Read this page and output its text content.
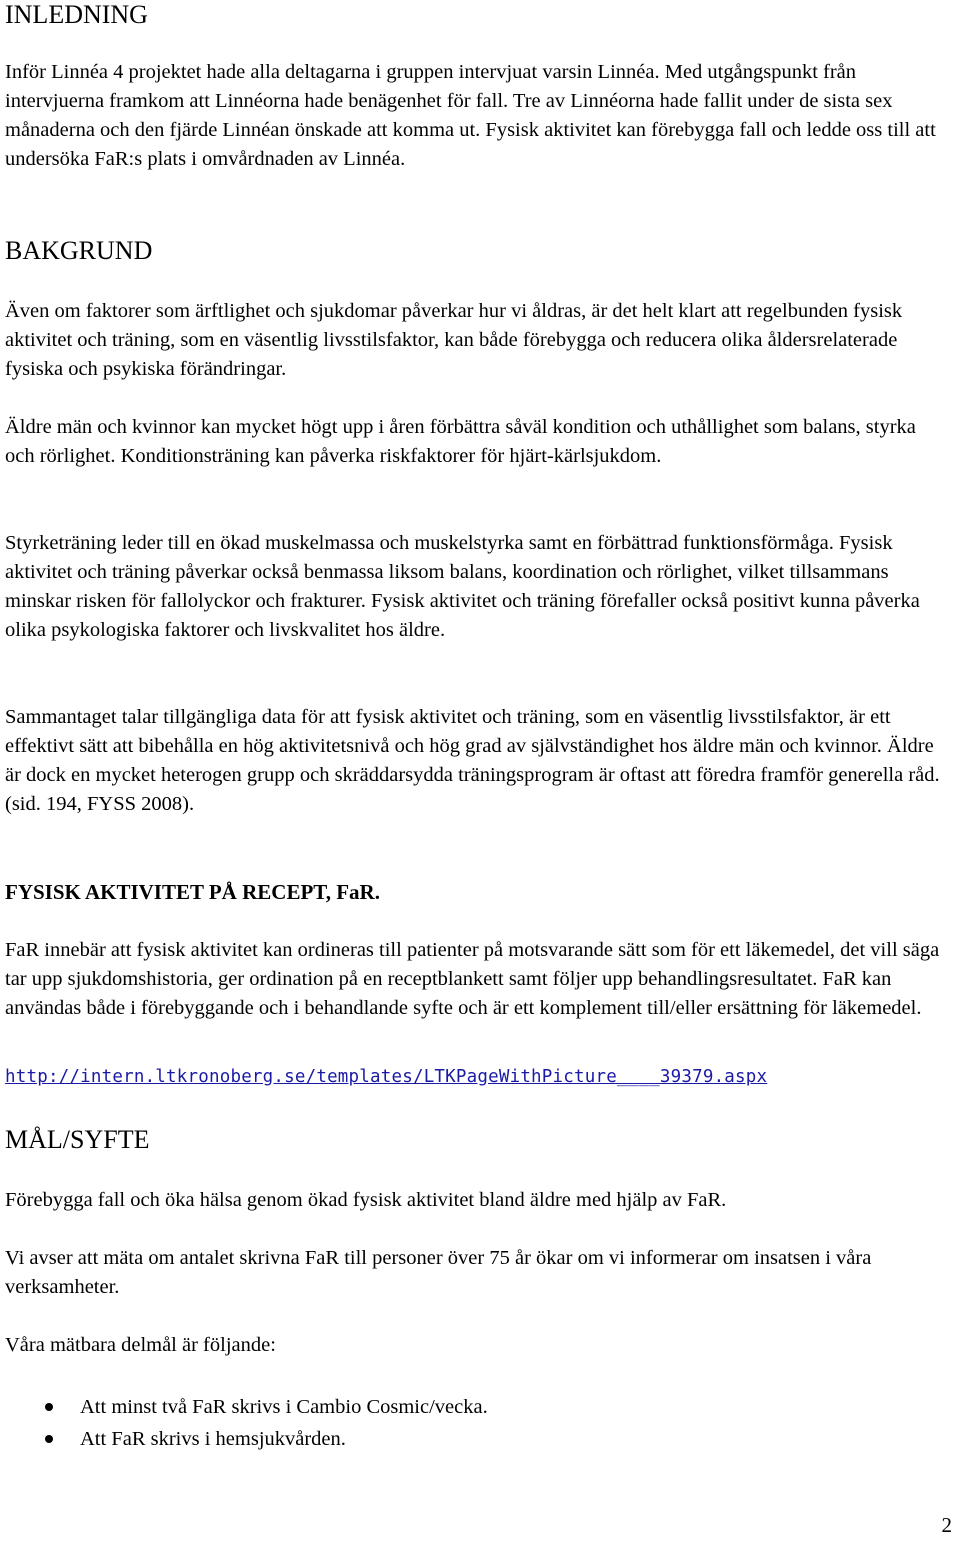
INLEDNING

Inför Linnéa 4 projektet hade alla deltagarna i gruppen intervjuat varsin Linnéa. Med utgångspunkt från intervjuerna framkom att Linnéorna hade benägenhet för fall. Tre av Linnéorna hade fallit under de sista sex månaderna och den fjärde Linnéan önskade att komma ut. Fysisk aktivitet kan förebygga fall och ledde oss till att undersöka FaR:s plats i omvårdnaden av Linnéa.

BAKGRUND

Även om faktorer som ärftlighet och sjukdomar påverkar hur vi åldras, är det helt klart att regelbunden fysisk aktivitet och träning, som en väsentlig livsstilsfaktor, kan både förebygga och reducera olika åldersrelaterade fysiska och psykiska förändringar.

Äldre män och kvinnor kan mycket högt upp i åren förbättra såväl kondition och uthållighet som balans, styrka och rörlighet. Konditionsträning kan påverka riskfaktorer för hjärt-kärlsjukdom.

Styrketräning leder till en ökad muskelmassa och muskelstyrka samt en förbättrad funktionsförmåga. Fysisk aktivitet och träning påverkar också benmassa liksom balans, koordination och rörlighet, vilket tillsammans minskar risken för fallolyckor och frakturer. Fysisk aktivitet och träning förefaller också positivt kunna påverka olika psykologiska faktorer och livskvalitet hos äldre.

Sammantaget talar tillgängliga data för att fysisk aktivitet och träning, som en väsentlig livsstilsfaktor, är ett effektivt sätt att bibehålla en hög aktivitetsnivå och hög grad av självständighet hos äldre män och kvinnor. Äldre är dock en mycket heterogen grupp och skräddarsydda träningsprogram är oftast att föredra framför generella råd. (sid. 194, FYSS 2008).

FYSISK AKTIVITET PÅ RECEPT, FaR.

FaR innebär att fysisk aktivitet kan ordineras till patienter på motsvarande sätt som för ett läkemedel, det vill säga tar upp sjukdomshistoria, ger ordination på en receptblankett samt följer upp behandlingsresultatet. FaR kan användas både i förebyggande och i behandlande syfte och är ett komplement till/eller ersättning för läkemedel.

http://intern.ltkronoberg.se/templates/LTKPageWithPicture____39379.aspx
MÅL/SYFTE

Förebygga fall och öka hälsa genom ökad fysisk aktivitet bland äldre med hjälp av FaR.

Vi avser att mäta om antalet skrivna FaR till personer över 75 år ökar om vi informerar om insatsen i våra verksamheter.

Våra mätbara delmål är följande:

Att minst två FaR skrivs i Cambio Cosmic/vecka.
Att FaR skrivs i hemsjukvården.
2
